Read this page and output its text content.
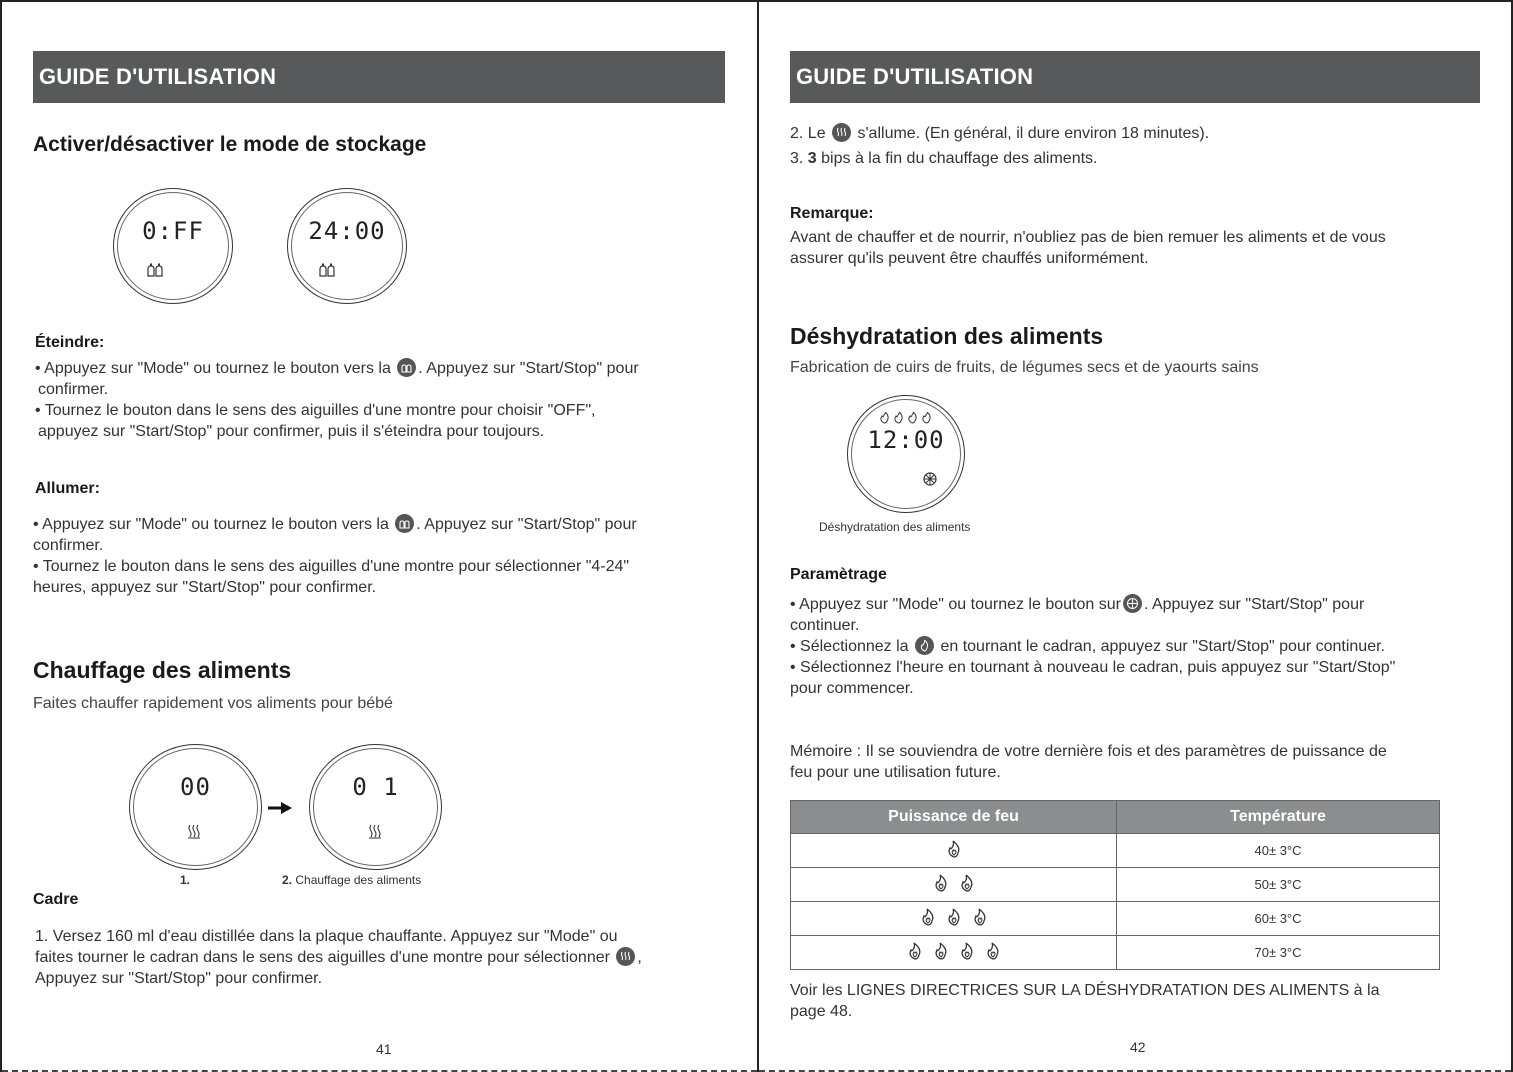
GUIDE D'UTILISATION
Activer/désactiver le mode de stockage
0:FF	24:00
Éteindre:
• Appuyez sur "Mode" ou tournez le bouton vers la . Appuyez sur "Start/Stop" pour
confirmer.
• Tournez le bouton dans le sens des aiguilles d'une montre pour choisir "OFF",
appuyez sur "Start/Stop" pour confirmer, puis il s'éteindra pour toujours.
Allumer:
• Appuyez sur "Mode" ou tournez le bouton vers la . Appuyez sur "Start/Stop" pour
confirmer.
• Tournez le bouton dans le sens des aiguilles d'une montre pour sélectionner "4-24"
heures, appuyez sur "Start/Stop" pour confirmer.
Chauffage des aliments
Faites chauffer rapidement vos aliments pour bébé
00	0 1
1.	2. Chauffage des aliments
Cadre
1. Versez 160 ml d'eau distillée dans la plaque chauffante. Appuyez sur "Mode" ou
faites tourner le cadran dans le sens des aiguilles d'une montre pour sélectionner ,
Appuyez sur "Start/Stop" pour confirmer.
41
GUIDE D'UTILISATION
2. Le s'allume. (En général, il dure environ 18 minutes).
3. 3 bips à la fin du chauffage des aliments.
Remarque:
Avant de chauffer et de nourrir, n'oubliez pas de bien remuer les aliments et de vous
assurer qu'ils peuvent être chauffés uniformément.
Déshydratation des aliments
Fabrication de cuirs de fruits, de légumes secs et de yaourts sains
12:00
Déshydratation des aliments
Paramètrage
• Appuyez sur "Mode" ou tournez le bouton sur . Appuyez sur "Start/Stop" pour
continuer.
• Sélectionnez la en tournant le cadran, appuyez sur "Start/Stop" pour continuer.
• Sélectionnez l'heure en tournant à nouveau le cadran, puis appuyez sur "Start/Stop"
pour commencer.
Mémoire : Il se souviendra de votre dernière fois et des paramètres de puissance de
feu pour une utilisation future.
Puissance de feu	Température

	40± 3°C

	50± 3°C

	60± 3°C

	70± 3°C
Voir les LIGNES DIRECTRICES SUR LA DÉSHYDRATATION DES ALIMENTS à la
page 48.
42
